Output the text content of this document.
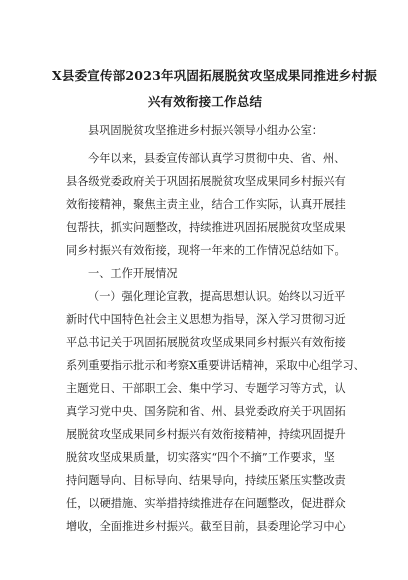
X县委宣传部2023年巩固拓展脱贫攻坚成果同推进乡村振
兴有效衔接工作总结
县巩固脱贫攻坚推进乡村振兴领导小组办公室：
今年以来，县委宣传部认真学习贯彻中央、省、州、
县各级党委政府关于巩固拓展脱贫攻坚成果同乡村振兴有
效衔接精神，聚焦主责主业，结合工作实际，认真开展挂
包帮扶，抓实问题整改，持续推进巩固拓展脱贫攻坚成果
同乡村振兴有效衔接，现将一年来的工作情况总结如下。
一、工作开展情况
（一）强化理论宣教，提高思想认识。始终以习近平
新时代中国特色社会主义思想为指导，深入学习贯彻习近
平总书记关于巩固拓展脱贫攻坚成果同乡村振兴有效衔接
系列重要指示批示和考察X重要讲话精神，采取中心组学习、
主题党日、干部职工会、集中学习、专题学习等方式，认
真学习党中央、国务院和省、州、县党委政府关于巩固拓
展脱贫攻坚成果同乡村振兴有效衔接精神，持续巩固提升
脱贫攻坚成果质量，切实落实“四个不摘”工作要求，坚
持问题导向、目标导向、结果导向，持续压紧压实整改责
任，以硬措施、实举措持续推进存在问题整改，促进群众
增收，全面推进乡村振兴。截至目前，县委理论学习中心
